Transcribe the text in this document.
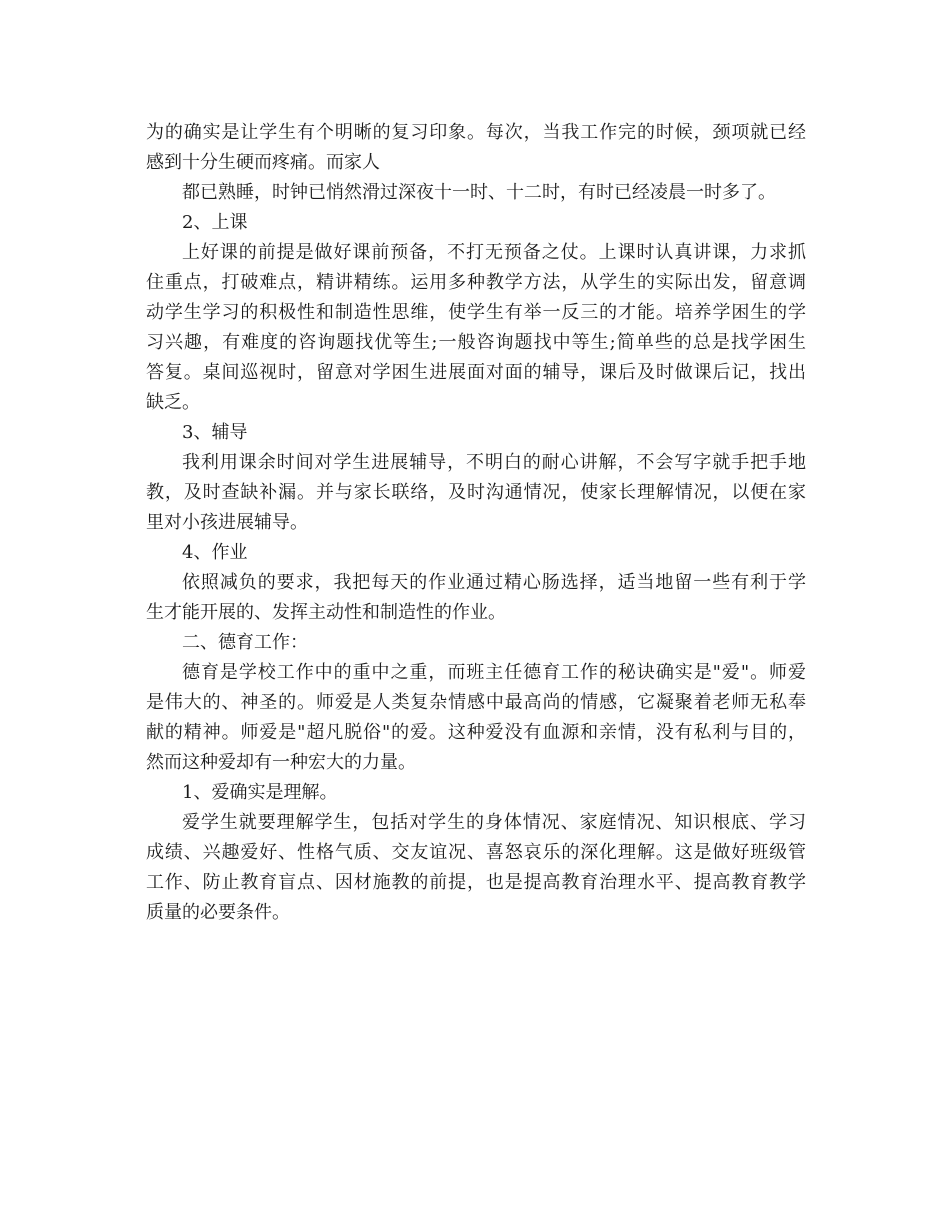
为的确实是让学生有个明晰的复习印象。每次，当我工作完的时候，颈项就已经
感到十分生硬而疼痛。而家人
都已熟睡，时钟已悄然滑过深夜十一时、十二时，有时已经凌晨一时多了。
2、上课
上好课的前提是做好课前预备，不打无预备之仗。上课时认真讲课，力求抓
住重点，打破难点，精讲精练。运用多种教学方法，从学生的实际出发，留意调
动学生学习的积极性和制造性思维，使学生有举一反三的才能。培养学困生的学
习兴趣，有难度的咨询题找优等生;一般咨询题找中等生;简单些的总是找学困生
答复。桌间巡视时，留意对学困生进展面对面的辅导，课后及时做课后记，找出
缺乏。
3、辅导
我利用课余时间对学生进展辅导，不明白的耐心讲解，不会写字就手把手地
教，及时查缺补漏。并与家长联络，及时沟通情况，使家长理解情况，以便在家
里对小孩进展辅导。
4、作业
依照减负的要求，我把每天的作业通过精心肠选择，适当地留一些有利于学
生才能开展的、发挥主动性和制造性的作业。
二、德育工作：
德育是学校工作中的重中之重，而班主任德育工作的秘诀确实是"爱"。师爱
是伟大的、神圣的。师爱是人类复杂情感中最高尚的情感，它凝聚着老师无私奉
献的精神。师爱是"超凡脱俗"的爱。这种爱没有血源和亲情，没有私利与目的，
然而这种爱却有一种宏大的力量。
1、爱确实是理解。
爱学生就要理解学生，包括对学生的身体情况、家庭情况、知识根底、学习
成绩、兴趣爱好、性格气质、交友谊况、喜怒哀乐的深化理解。这是做好班级管
工作、防止教育盲点、因材施教的前提，也是提高教育治理水平、提高教育教学
质量的必要条件。
